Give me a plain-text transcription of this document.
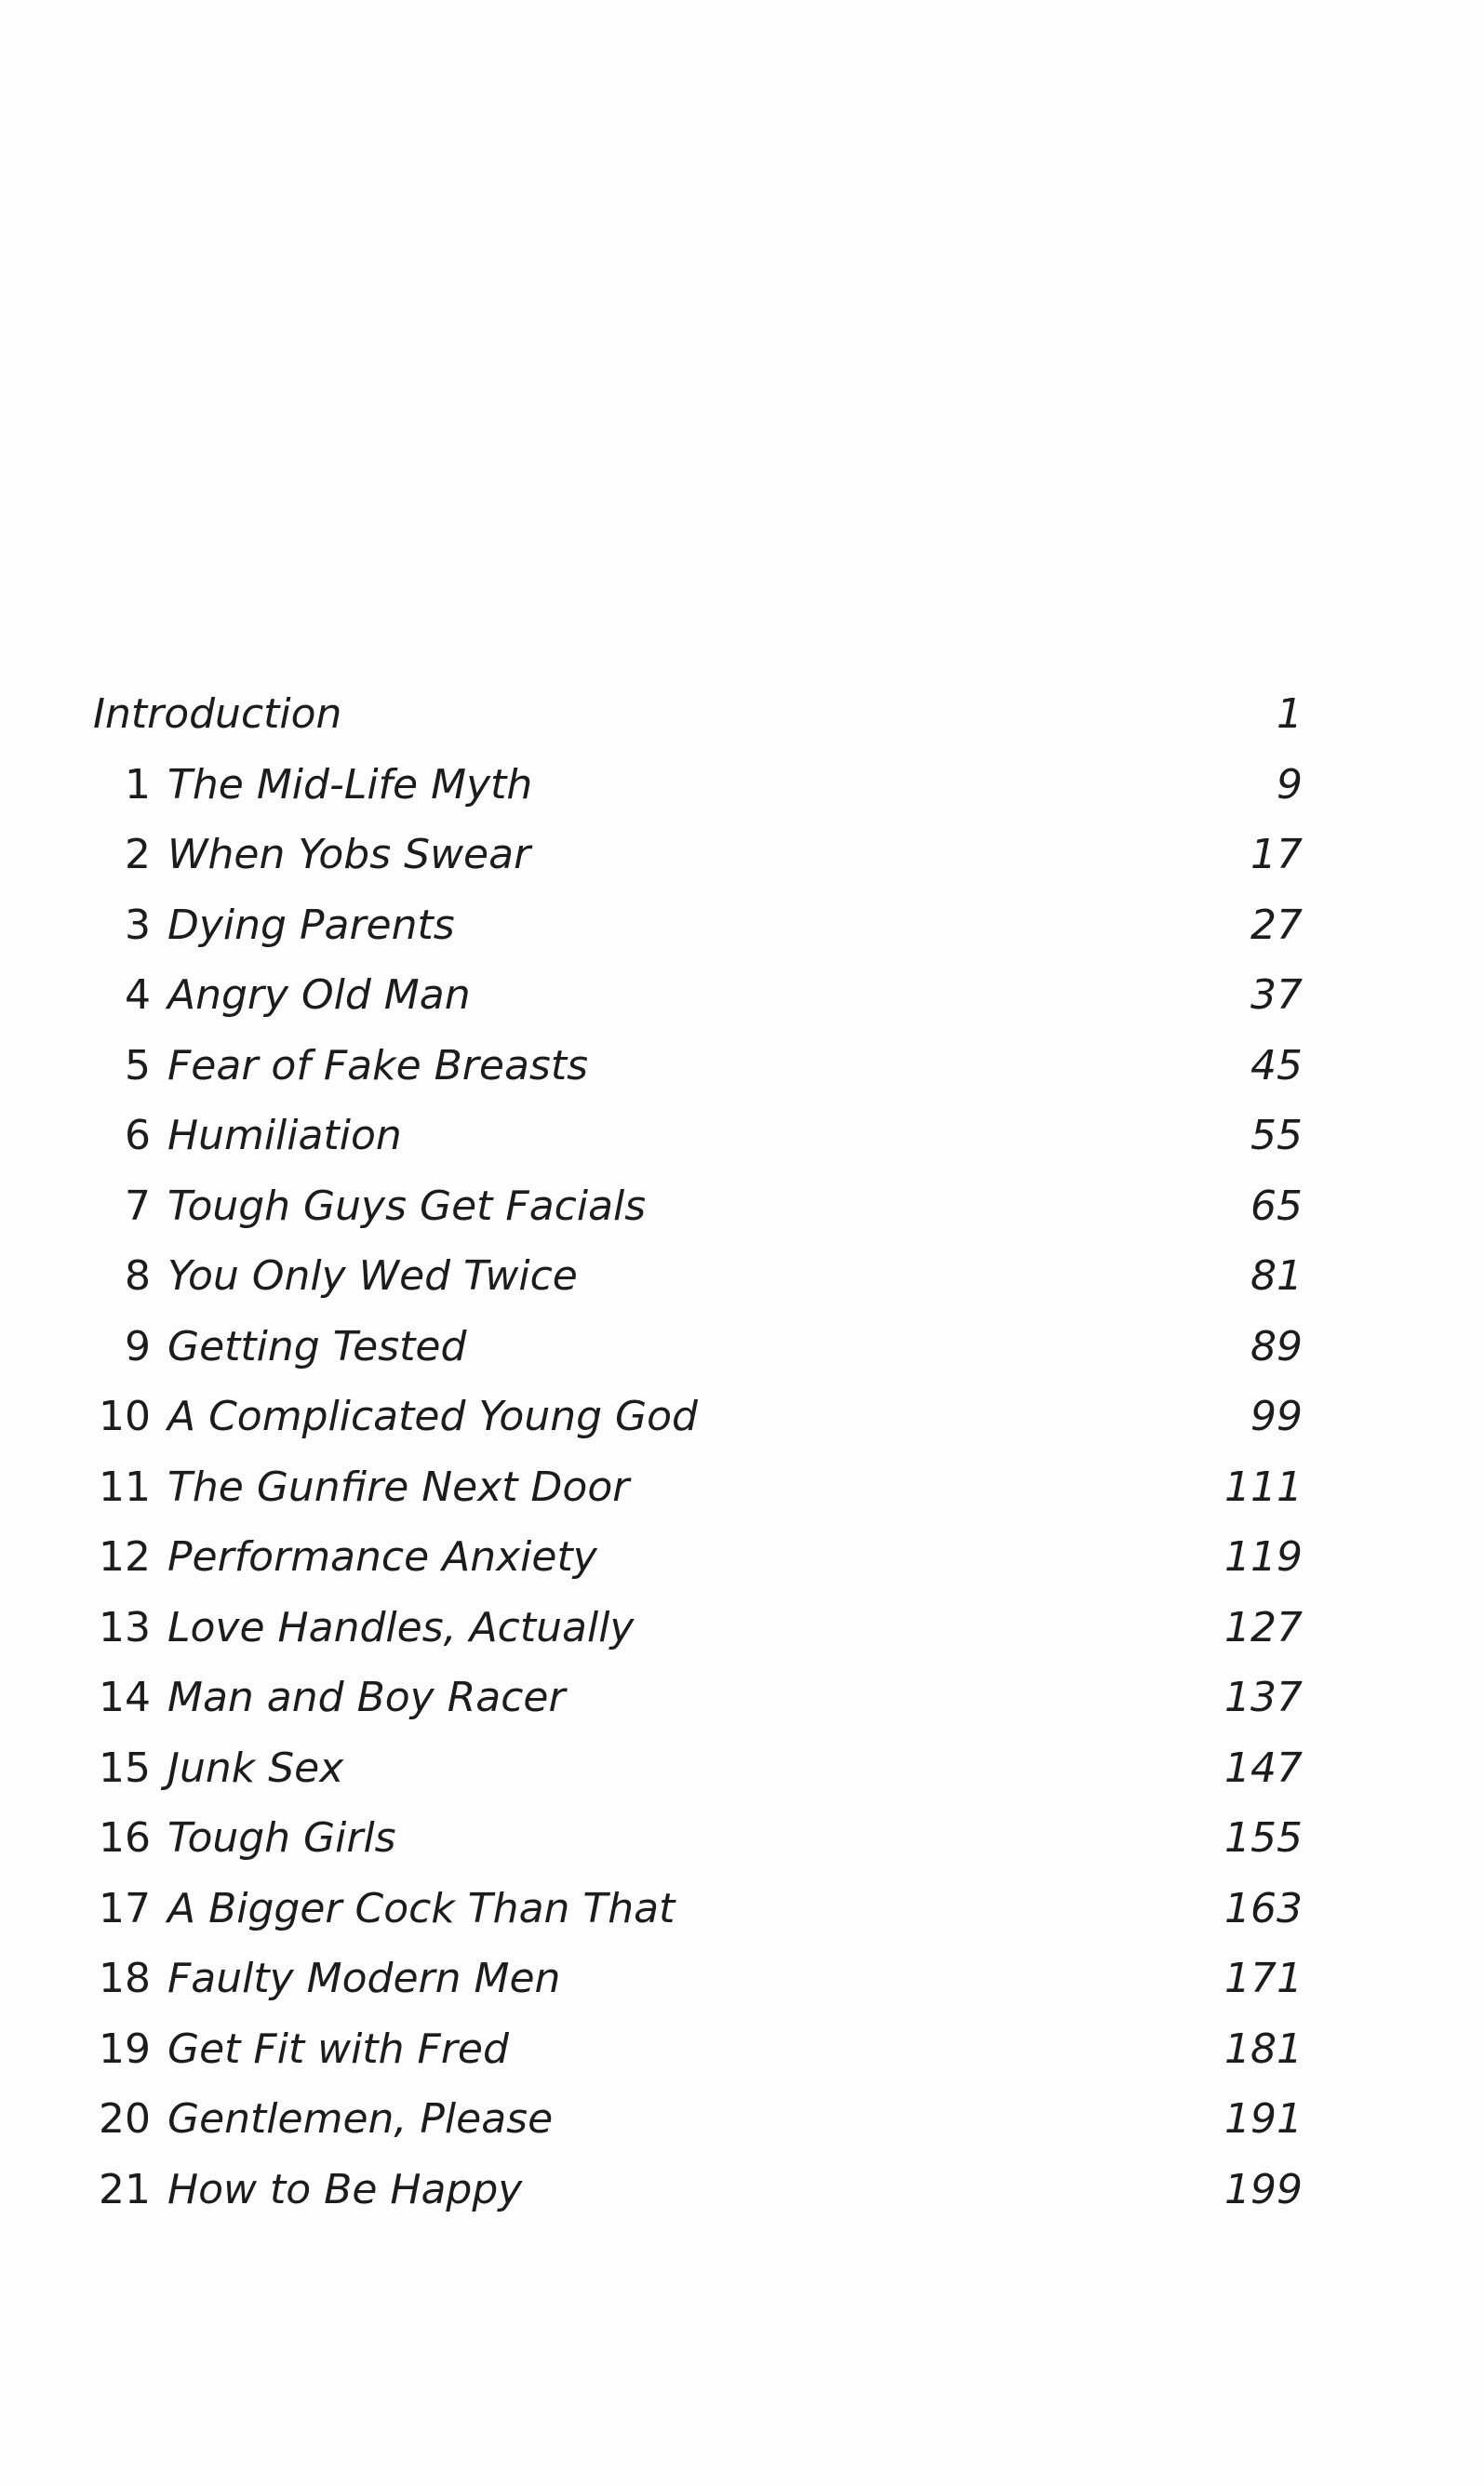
Introduction	1
1 The Mid-Life Myth	9
2 When Yobs Swear	17
3 Dying Parents	27
4 Angry Old Man	37
5 Fear of Fake Breasts	45
6 Humiliation	55
7 Tough Guys Get Facials	65
8 You Only Wed Twice	81
9 Getting Tested	89
10 A Complicated Young God	99
11 The Gunfire Next Door	111
12 Performance Anxiety	119
13 Love Handles, Actually	127
14 Man and Boy Racer	137
15 Junk Sex	147
16 Tough Girls	155
17 A Bigger Cock Than That	163
18 Faulty Modern Men	171
19 Get Fit with Fred	181
20 Gentlemen, Please	191
21 How to Be Happy	199
